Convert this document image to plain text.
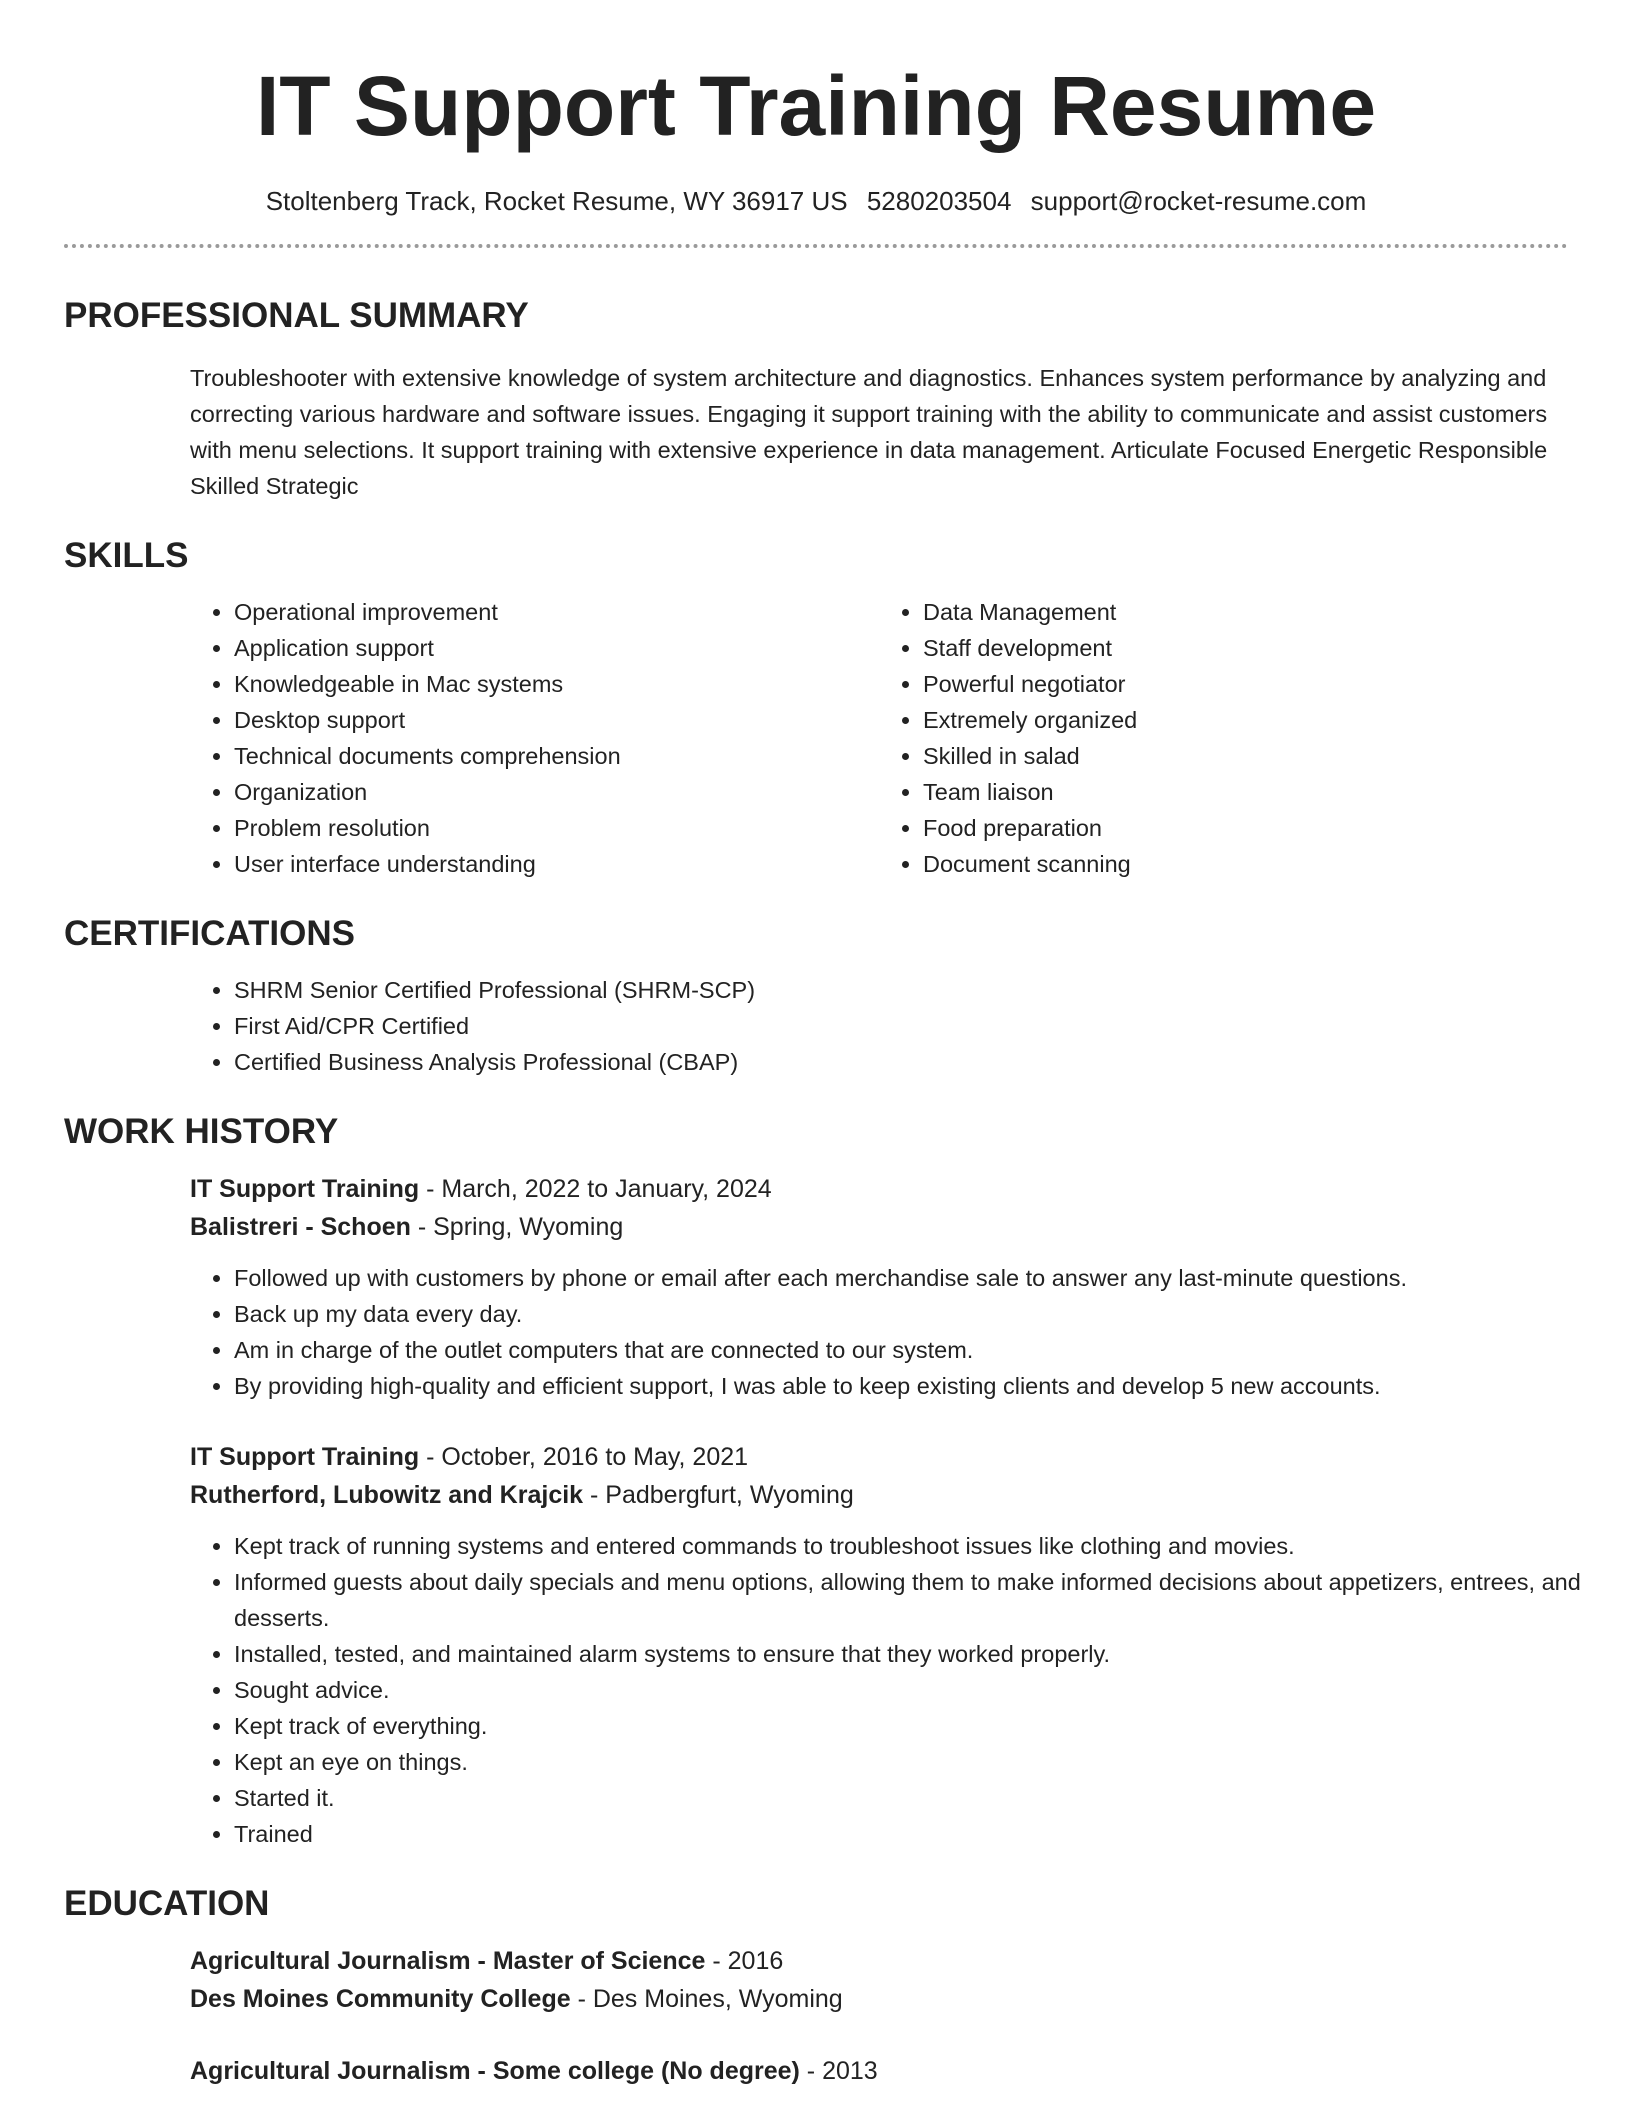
IT Support Training Resume
Stoltenberg Track, Rocket Resume, WY 36917 US 5280203504 support@rocket-resume.com
PROFESSIONAL SUMMARY

Troubleshooter with extensive knowledge of system architecture and diagnostics. Enhances system performance by analyzing and correcting various hardware and software issues. Engaging it support training with the ability to communicate and assist customers with menu selections. It support training with extensive experience in data management. Articulate Focused Energetic Responsible Skilled Strategic

SKILLS
• Operational improvement
• Application support
• Knowledgeable in Mac systems
• Desktop support
• Technical documents comprehension
• Organization
• Problem resolution
• User interface understanding
• Data Management
• Staff development
• Powerful negotiator
• Extremely organized
• Skilled in salad
• Team liaison
• Food preparation
• Document scanning
CERTIFICATIONS
• SHRM Senior Certified Professional (SHRM-SCP)
• First Aid/CPR Certified
• Certified Business Analysis Professional (CBAP)
WORK HISTORY
IT Support Training - March, 2022 to January, 2024
Balistreri - Schoen - Spring, Wyoming
• Followed up with customers by phone or email after each merchandise sale to answer any last-minute questions.
• Back up my data every day.
• Am in charge of the outlet computers that are connected to our system.
• By providing high-quality and efficient support, I was able to keep existing clients and develop 5 new accounts.
IT Support Training - October, 2016 to May, 2021
Rutherford, Lubowitz and Krajcik - Padbergfurt, Wyoming
• Kept track of running systems and entered commands to troubleshoot issues like clothing and movies.
• Informed guests about daily specials and menu options, allowing them to make informed decisions about appetizers, entrees, and desserts.
• Installed, tested, and maintained alarm systems to ensure that they worked properly.
• Sought advice.
• Kept track of everything.
• Kept an eye on things.
• Started it.
• Trained
EDUCATION
Agricultural Journalism - Master of Science - 2016
Des Moines Community College - Des Moines, Wyoming
Agricultural Journalism - Some college (No degree) - 2013
